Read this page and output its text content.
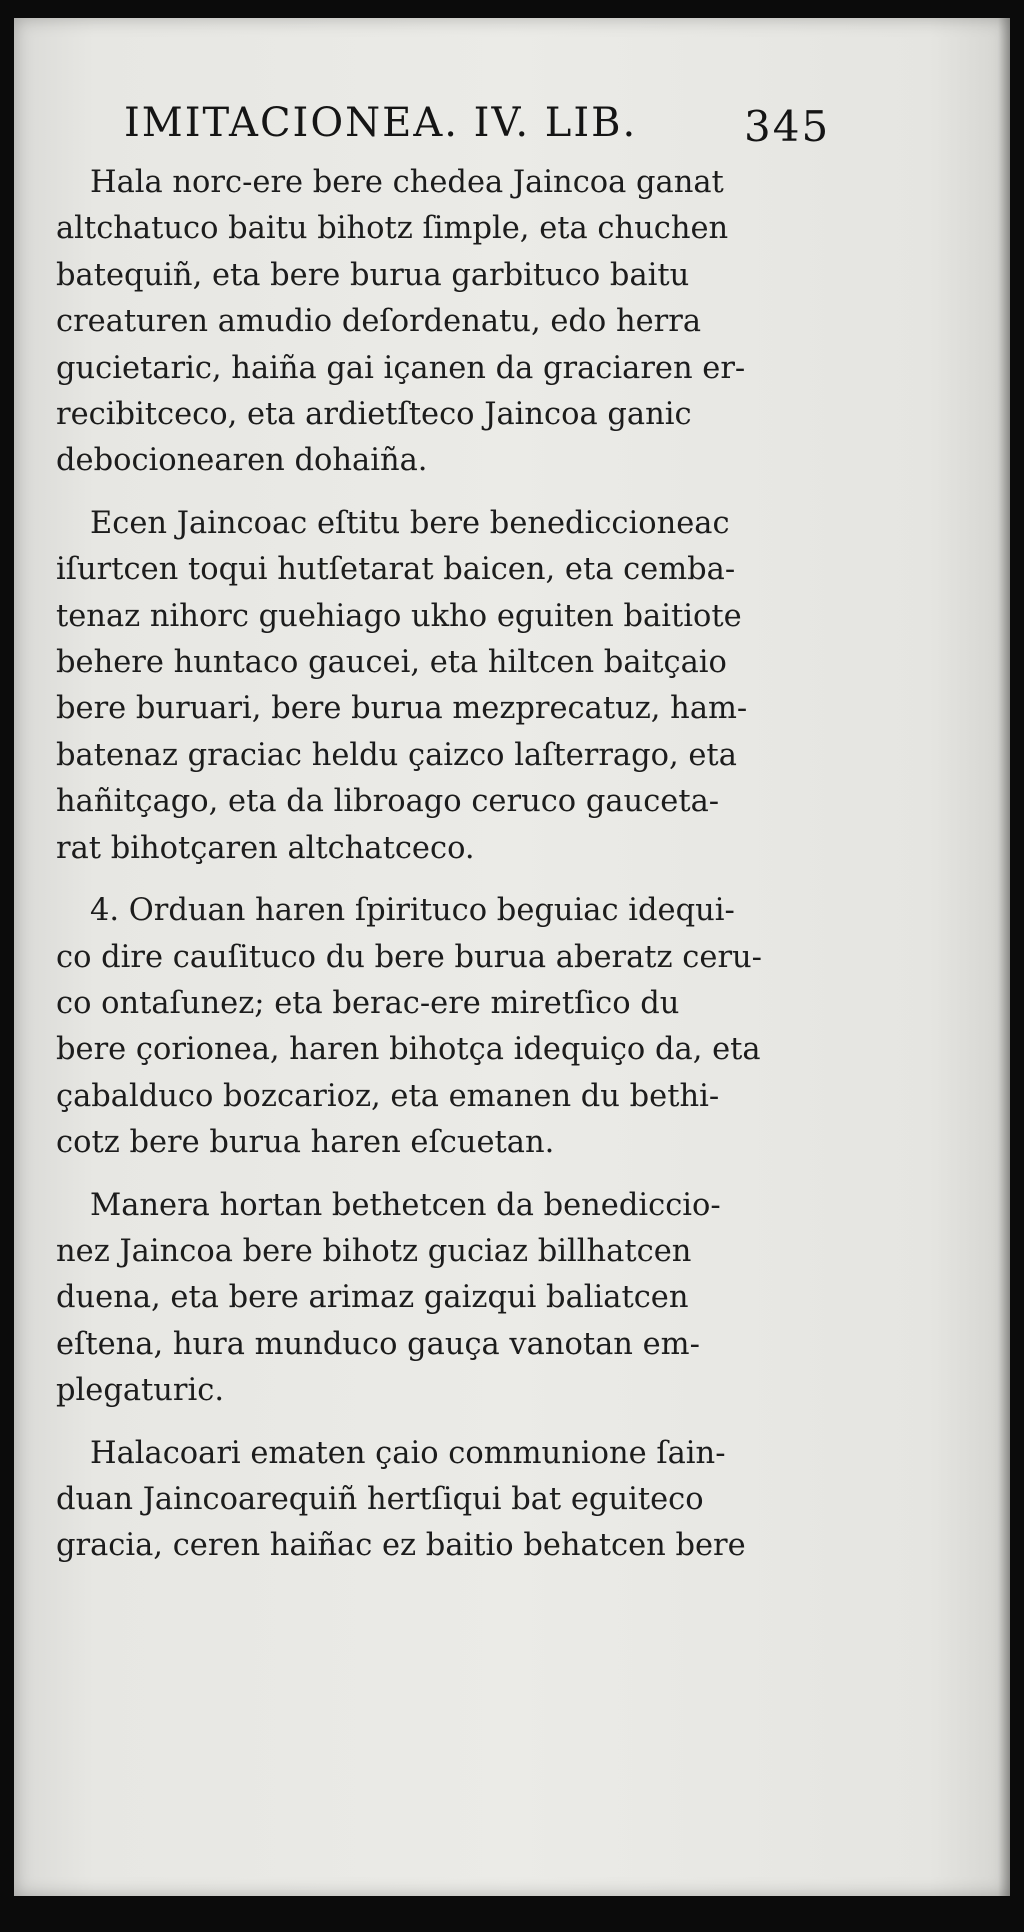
IMITACIONEA. IV. LIB.	345
Hala norc-ere bere chedea Jaincoa ganat
altchatuco baitu bihotz ſimple, eta chuchen
batequiñ, eta bere burua garbituco baitu
creaturen amudio deſordenatu, edo herra
gucietaric, haiña gai içanen da graciaren er-
recibitceco, eta ardietſteco Jaincoa ganic
debocionearen dohaiña.
Ecen Jaincoac eſtitu bere benediccioneac
iſurtcen toqui hutſetarat baicen, eta cemba-
tenaz nihorc guehiago ukho eguiten baitiote
behere huntaco gaucei, eta hiltcen baitçaio
bere buruari, bere burua mezprecatuz, ham-
batenaz graciac heldu çaizco laſterrago, eta
hañitçago, eta da libroago ceruco gauceta-
rat bihotçaren altchatceco.
4. Orduan haren ſpirituco beguiac idequi-
co dire cauſituco du bere burua aberatz ceru-
co ontaſunez; eta berac-ere miretſico du
bere çorionea, haren bihotça idequiço da, eta
çabalduco bozcarioz, eta emanen du bethi-
cotz bere burua haren eſcuetan.
Manera hortan bethetcen da benediccio-
nez Jaincoa bere bihotz guciaz billhatcen
duena, eta bere arimaz gaizqui baliatcen
eſtena, hura munduco gauça vanotan em-
plegaturic.
Halacoari ematen çaio communione ſain-
duan Jaincoarequiñ hertſiqui bat eguiteco
gracia, ceren haiñac ez baitio behatcen bere
